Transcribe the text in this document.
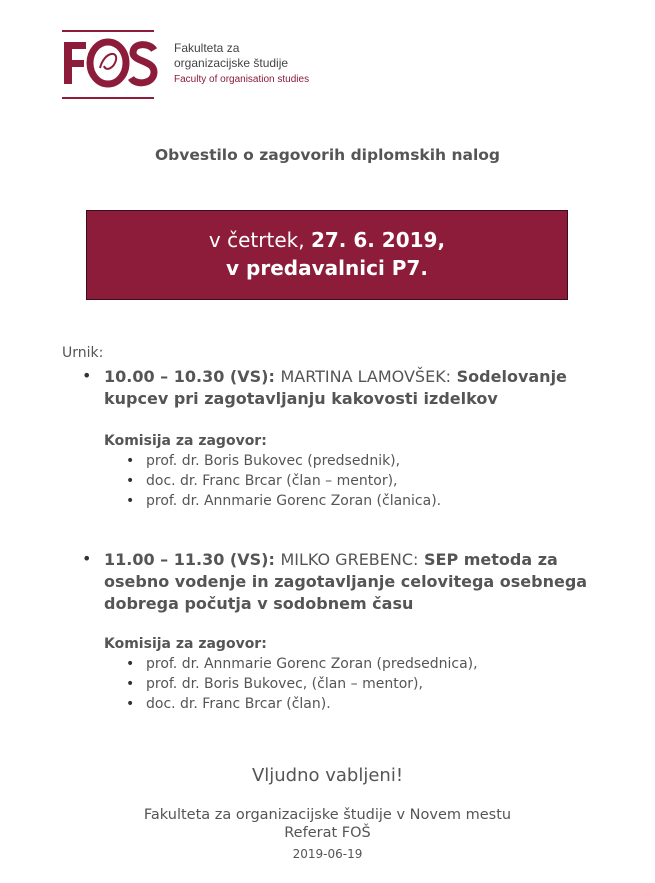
Fakulteta za
organizacijske študije
Faculty of organisation studies
Obvestilo o zagovorih diplomskih nalog
v četrtek, 27. 6. 2019,
v predavalnici P7.
Urnik:
• 10.00 – 10.30 (VS): MARTINA LAMOVŠEK: Sodelovanje kupcev pri zagotavljanju kakovosti izdelkov
Komisija za zagovor:
• prof. dr. Boris Bukovec (predsednik),
• doc. dr. Franc Brcar (član – mentor),
• prof. dr. Annmarie Gorenc Zoran (članica).
• 11.00 – 11.30 (VS): MILKO GREBENC: SEP metoda za osebno vodenje in zagotavljanje celovitega osebnega dobrega počutja v sodobnem času
Komisija za zagovor:
• prof. dr. Annmarie Gorenc Zoran (predsednica),
• prof. dr. Boris Bukovec, (član – mentor),
• doc. dr. Franc Brcar (član).
Vljudno vabljeni!
Fakulteta za organizacijske študije v Novem mestu
Referat FOŠ
2019-06-19
